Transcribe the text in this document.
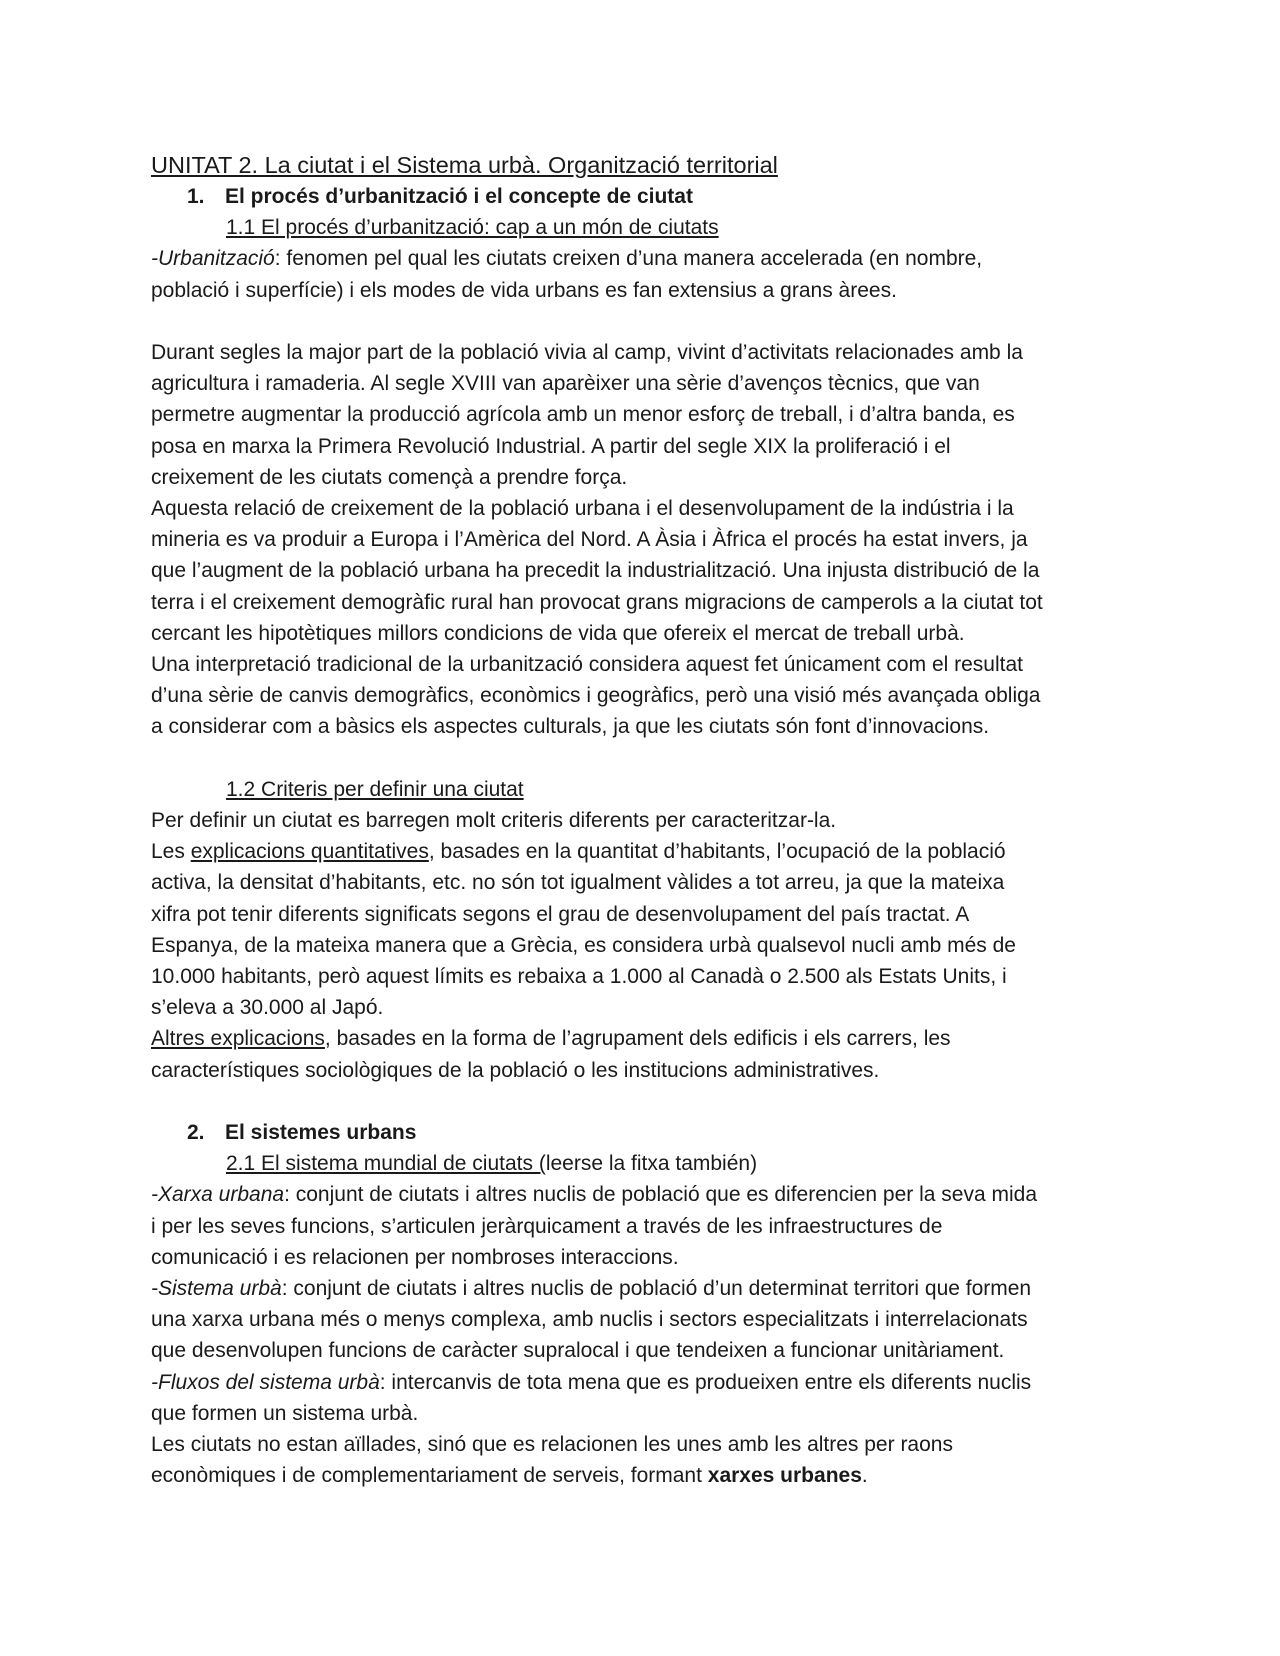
UNITAT 2. La ciutat i el Sistema urbà. Organització territorial
1. El procés d’urbanització i el concepte de ciutat
1.1 El procés d’urbanització: cap a un món de ciutats
-Urbanització: fenomen pel qual les ciutats creixen d’una manera accelerada (en nombre,
població i superfície) i els modes de vida urbans es fan extensius a grans àrees.
Durant segles la major part de la població vivia al camp, vivint d’activitats relacionades amb la
agricultura i ramaderia. Al segle XVIII van aparèixer una sèrie d’avenços tècnics, que van
permetre augmentar la producció agrícola amb un menor esforç de treball, i d’altra banda, es
posa en marxa la Primera Revolució Industrial. A partir del segle XIX la proliferació i el
creixement de les ciutats començà a prendre força.
Aquesta relació de creixement de la població urbana i el desenvolupament de la indústria i la
mineria es va produir a Europa i l’Amèrica del Nord. A Àsia i Àfrica el procés ha estat invers, ja
que l’augment de la població urbana ha precedit la industrialització. Una injusta distribució de la
terra i el creixement demogràfic rural han provocat grans migracions de camperols a la ciutat tot
cercant les hipotètiques millors condicions de vida que ofereix el mercat de treball urbà.
Una interpretació tradicional de la urbanització considera aquest fet únicament com el resultat
d’una sèrie de canvis demogràfics, econòmics i geogràfics, però una visió més avançada obliga
a considerar com a bàsics els aspectes culturals, ja que les ciutats són font d’innovacions.
1.2 Criteris per definir una ciutat
Per definir un ciutat es barregen molt criteris diferents per caracteritzar-la.
Les explicacions quantitatives, basades en la quantitat d’habitants, l’ocupació de la població
activa, la densitat d’habitants, etc. no són tot igualment vàlides a tot arreu, ja que la mateixa
xifra pot tenir diferents significats segons el grau de desenvolupament del país tractat. A
Espanya, de la mateixa manera que a Grècia, es considera urbà qualsevol nucli amb més de
10.000 habitants, però aquest límits es rebaixa a 1.000 al Canadà o 2.500 als Estats Units, i
s’eleva a 30.000 al Japó.
Altres explicacions, basades en la forma de l’agrupament dels edificis i els carrers, les
característiques sociològiques de la població o les institucions administratives.
2. El sistemes urbans
2.1 El sistema mundial de ciutats (leerse la fitxa también)
-Xarxa urbana: conjunt de ciutats i altres nuclis de població que es diferencien per la seva mida
i per les seves funcions, s’articulen jeràrquicament a través de les infraestructures de
comunicació i es relacionen per nombroses interaccions.
-Sistema urbà: conjunt de ciutats i altres nuclis de població d’un determinat territori que formen
una xarxa urbana més o menys complexa, amb nuclis i sectors especialitzats i interrelacionats
que desenvolupen funcions de caràcter supralocal i que tendeixen a funcionar unitàriament.
-Fluxos del sistema urbà: intercanvis de tota mena que es produeixen entre els diferents nuclis
que formen un sistema urbà.
Les ciutats no estan aïllades, sinó que es relacionen les unes amb les altres per raons
econòmiques i de complementariament de serveis, formant xarxes urbanes.
